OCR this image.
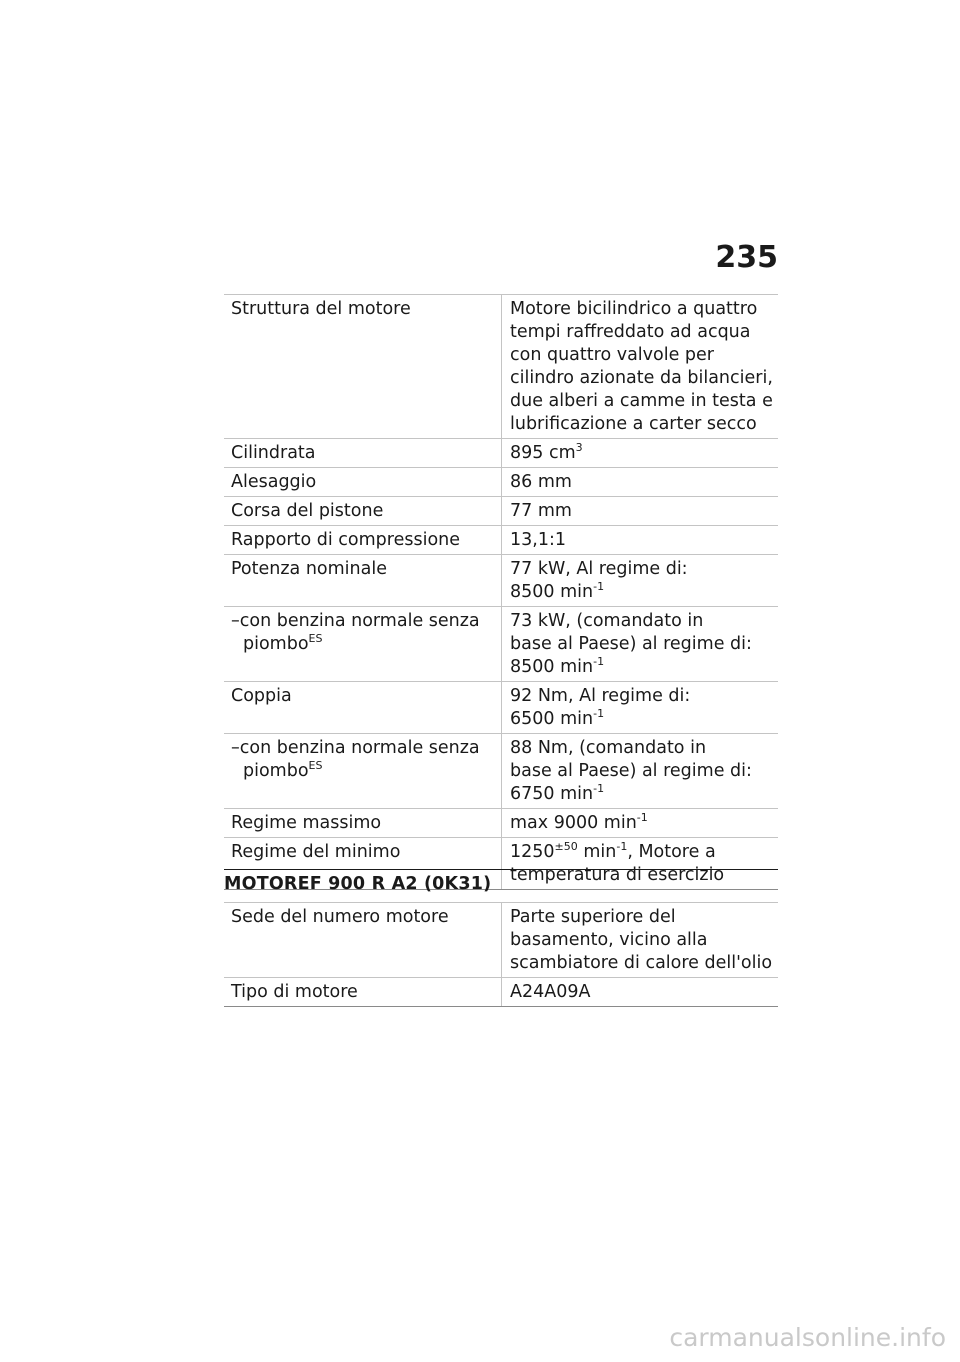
235
Struttura del motore	Motore bicilindrico a quattro tempi raffreddato ad acqua con quattro valvole per cilindro azionate da bilancieri, due alberi a camme in testa e lubrificazione a carter secco
Cilindrata	895 $cm^3$
Alesaggio	86 mm
Corsa del pistone	77 mm
Rapporto di compressione	13,1:1
Potenza nominale	77 kW, Al regime di:
8500 $\min^{-1}$

–con benzina normale senza piombo$^{ES}$	73 kW, (comandato in
base al Paese) al regime di:
8500 $\min^{-1}$
Coppia	92 Nm, Al regime di:
6500 $\min^{-1}$

–con benzina normale senza piombo$^{ES}$	88 Nm, (comandato in
base al Paese) al regime di:
6750 $\min^{-1}$
Regime massimo	max 9000 $\min^{-1}$
Regime del minimo	$1250^{\pm 50}$ $\min^{-1}$, Motore a temperatura di esercizio
MOTOREF 900 R A2 (0K31)
Sede del numero motore	Parte superiore del basamento, vicino alla scambiatore di calore dell'olio
Tipo di motore	A24A09A
carmanualsonline.info
